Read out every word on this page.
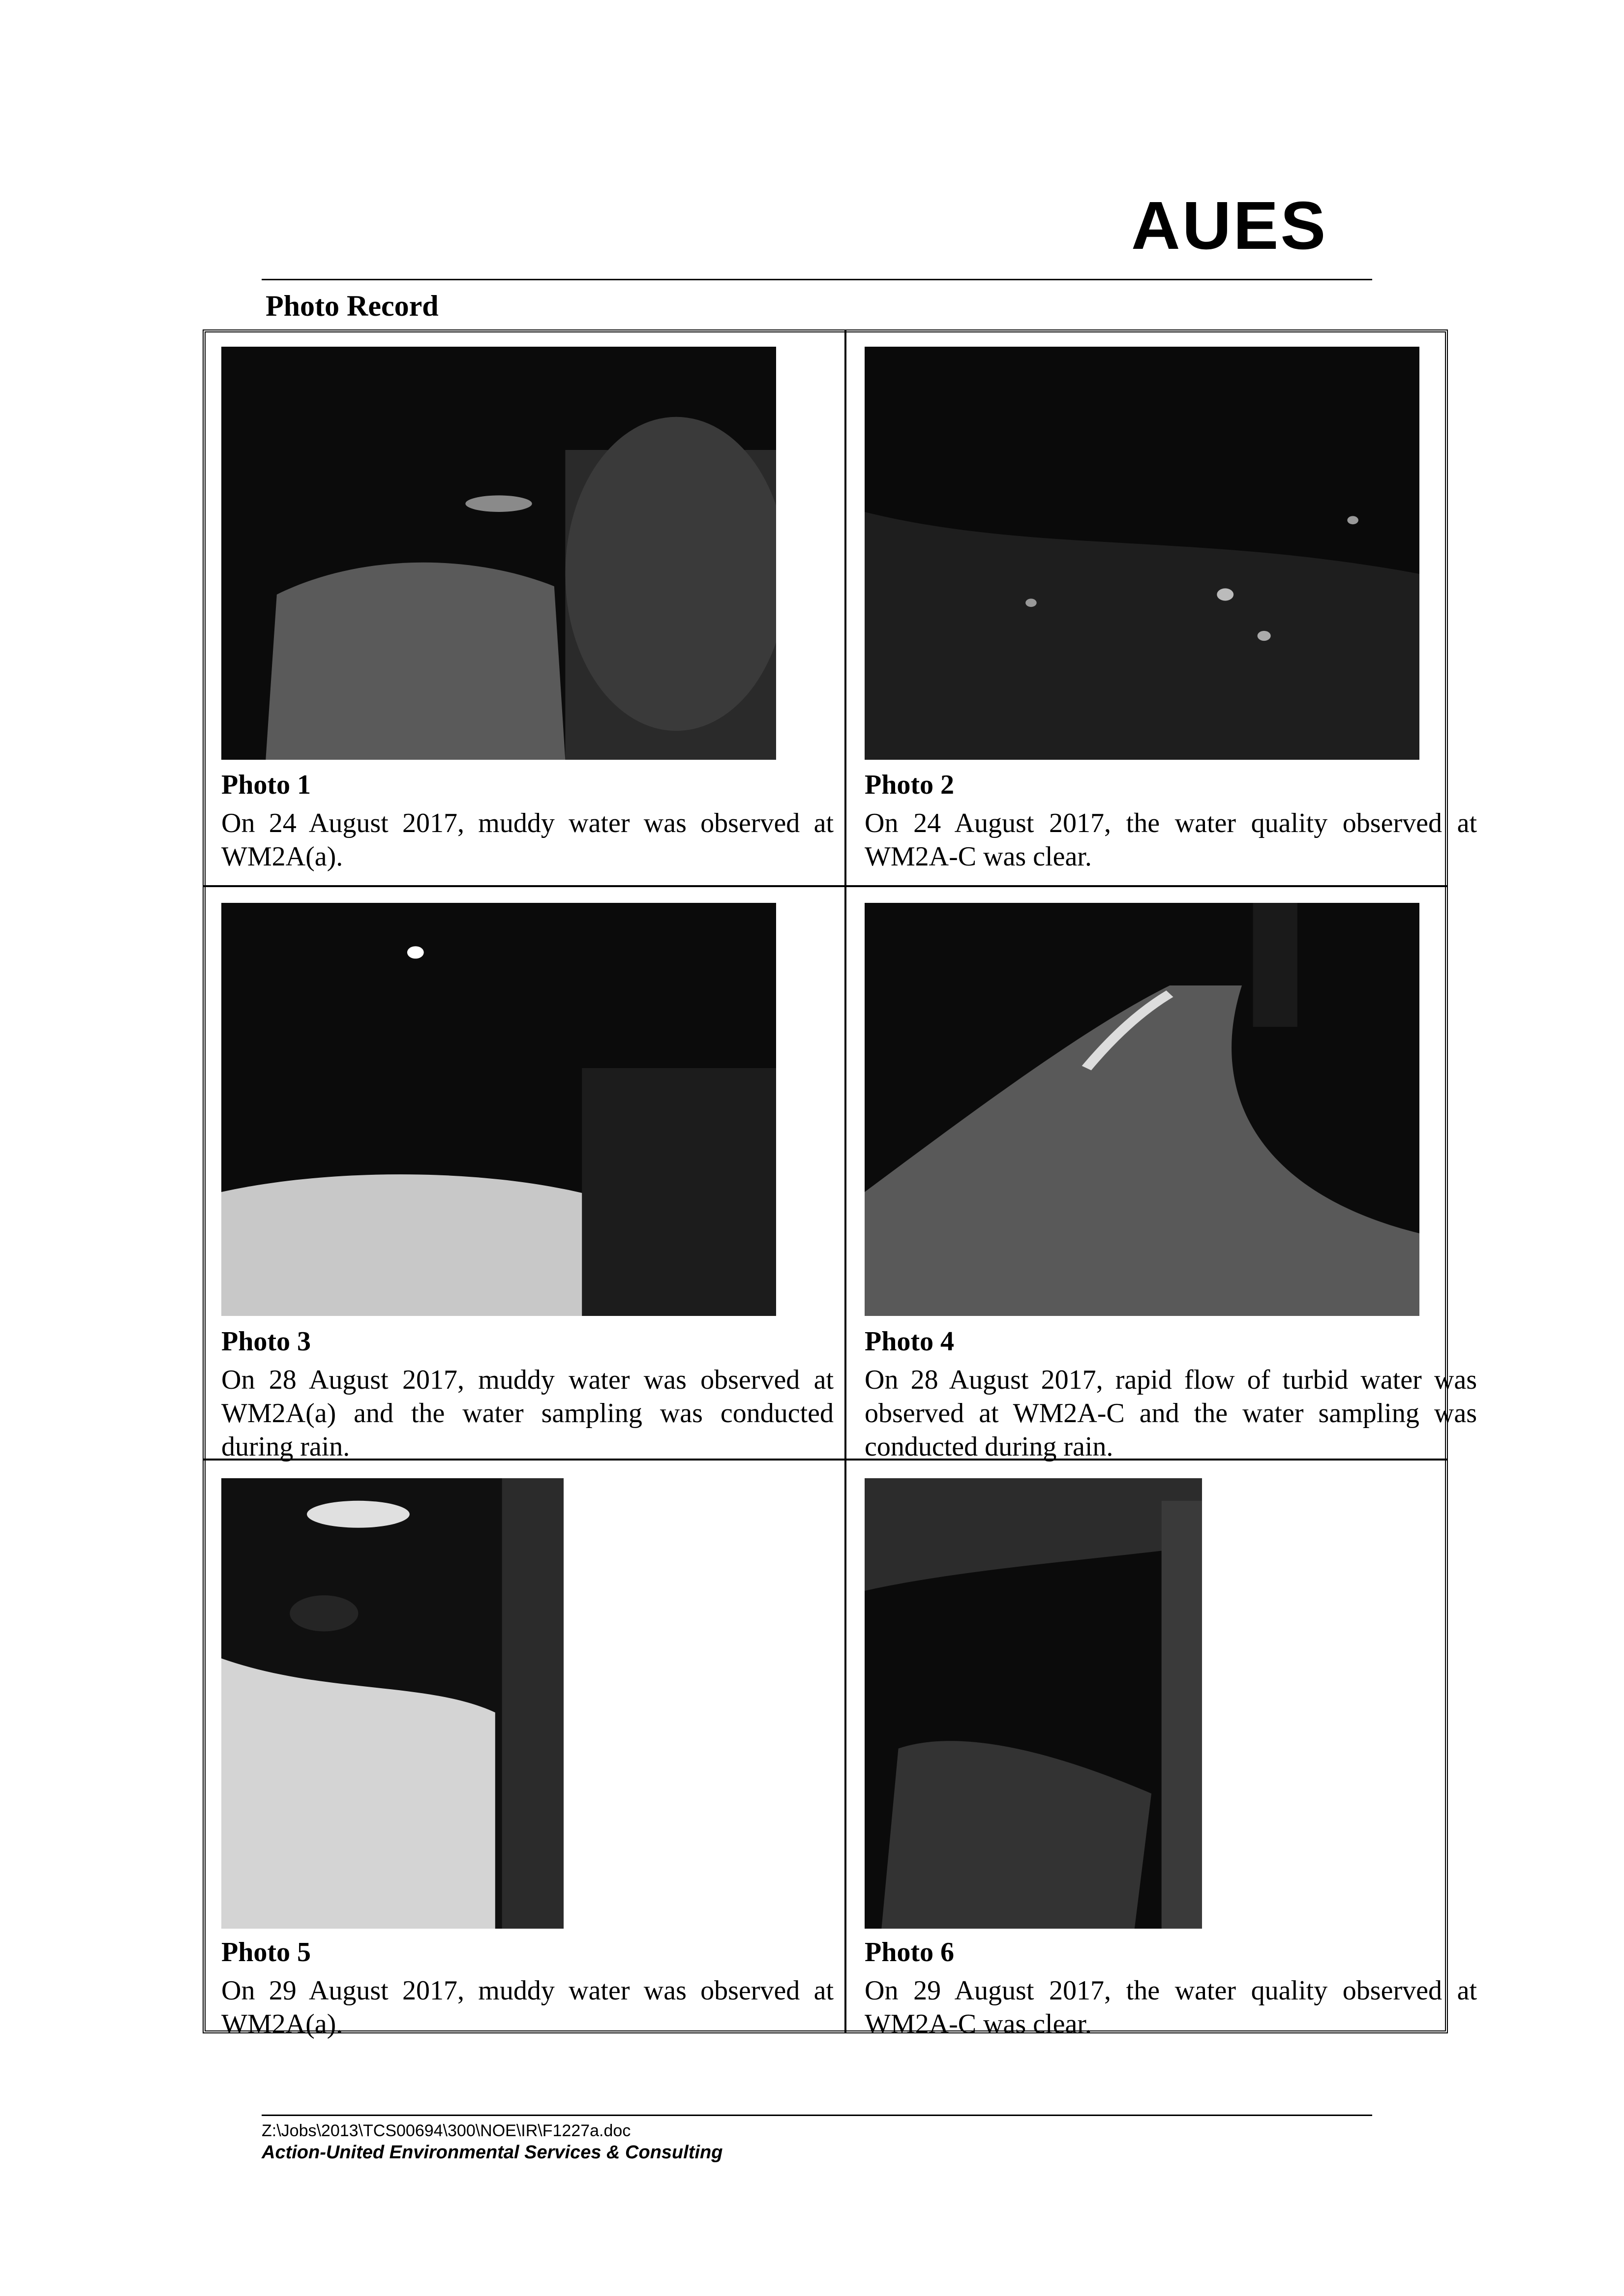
AUES
Photo Record
Photo 1
On 24 August 2017, muddy water was observed at WM2A(a).
Photo 2
On 24 August 2017, the water quality observed at WM2A-C was clear.
Photo 3
On 28 August 2017, muddy water was observed at WM2A(a) and the water sampling was conducted during rain.
Photo 4
On 28 August 2017, rapid flow of turbid water was observed at WM2A-C and the water sampling was conducted during rain.
Photo 5
On 29 August 2017, muddy water was observed at WM2A(a).
Photo 6
On 29 August 2017, the water quality observed at WM2A-C was clear.
Z:\Jobs\2013\TCS00694\300\NOE\IR\F1227a.doc
Action-United Environmental Services & Consulting
